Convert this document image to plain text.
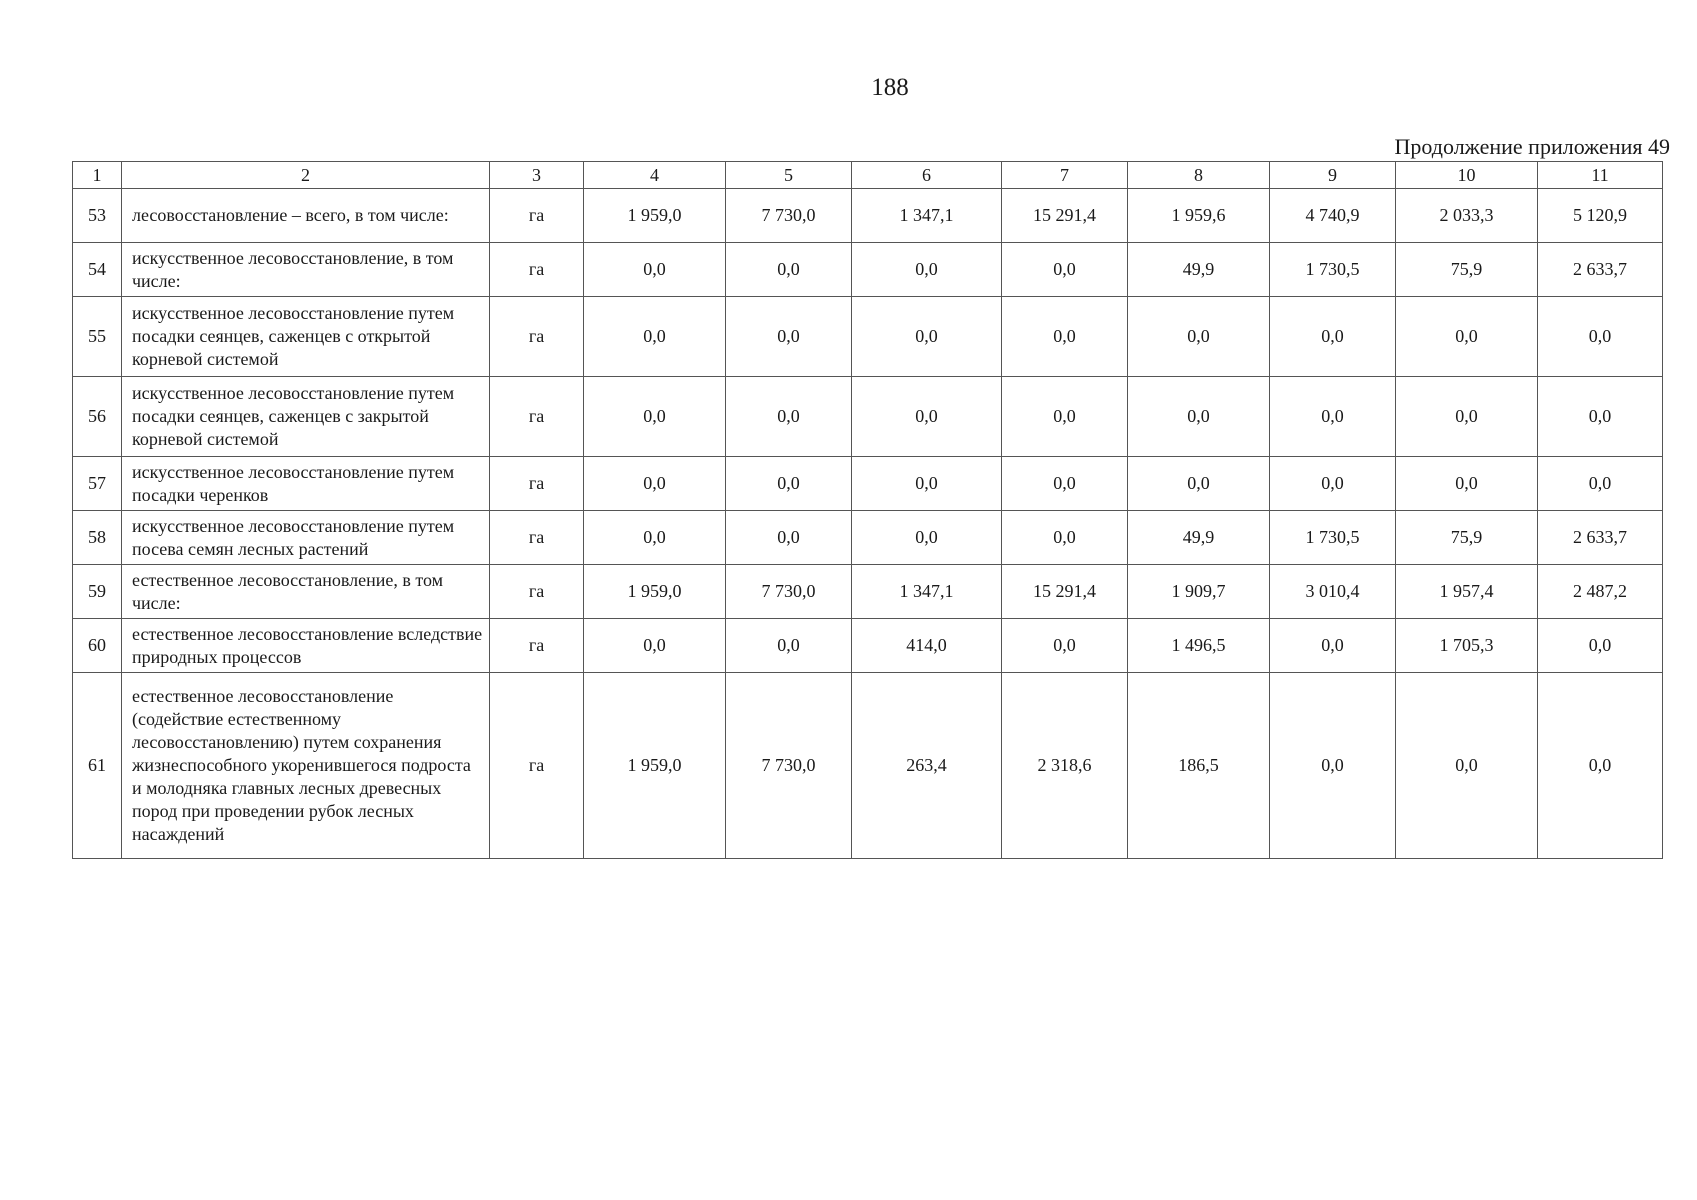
188
Продолжение приложения 49
1	2	3	4	5	6	7	8	9	10	11
53	лесовосстановление – всего, в том числе:	га	1 959,0	7 730,0	1 347,1	15 291,4	1 959,6	4 740,9	2 033,3	5 120,9
54	искусственное лесовосстановление, в том числе:	га	0,0	0,0	0,0	0,0	49,9	1 730,5	75,9	2 633,7
55	искусственное лесовосстановление путем посадки сеянцев, саженцев с открытой корневой системой	га	0,0	0,0	0,0	0,0	0,0	0,0	0,0	0,0
56	искусственное лесовосстановление путем посадки сеянцев, саженцев с закрытой корневой системой	га	0,0	0,0	0,0	0,0	0,0	0,0	0,0	0,0
57	искусственное лесовосстановление путем посадки черенков	га	0,0	0,0	0,0	0,0	0,0	0,0	0,0	0,0
58	искусственное лесовосстановление путем посева семян лесных растений	га	0,0	0,0	0,0	0,0	49,9	1 730,5	75,9	2 633,7
59	естественное лесовосстановление, в том числе:	га	1 959,0	7 730,0	1 347,1	15 291,4	1 909,7	3 010,4	1 957,4	2 487,2
60	естественное лесовосстановление вследствие природных процессов	га	0,0	0,0	414,0	0,0	1 496,5	0,0	1 705,3	0,0
61	естественное лесовосстановление (содействие естественному лесовосстановлению) путем сохранения жизнеспособного укоренившегося подроста и молодняка главных лесных древесных пород при проведении рубок лесных насаждений	га	1 959,0	7 730,0	263,4	2 318,6	186,5	0,0	0,0	0,0
